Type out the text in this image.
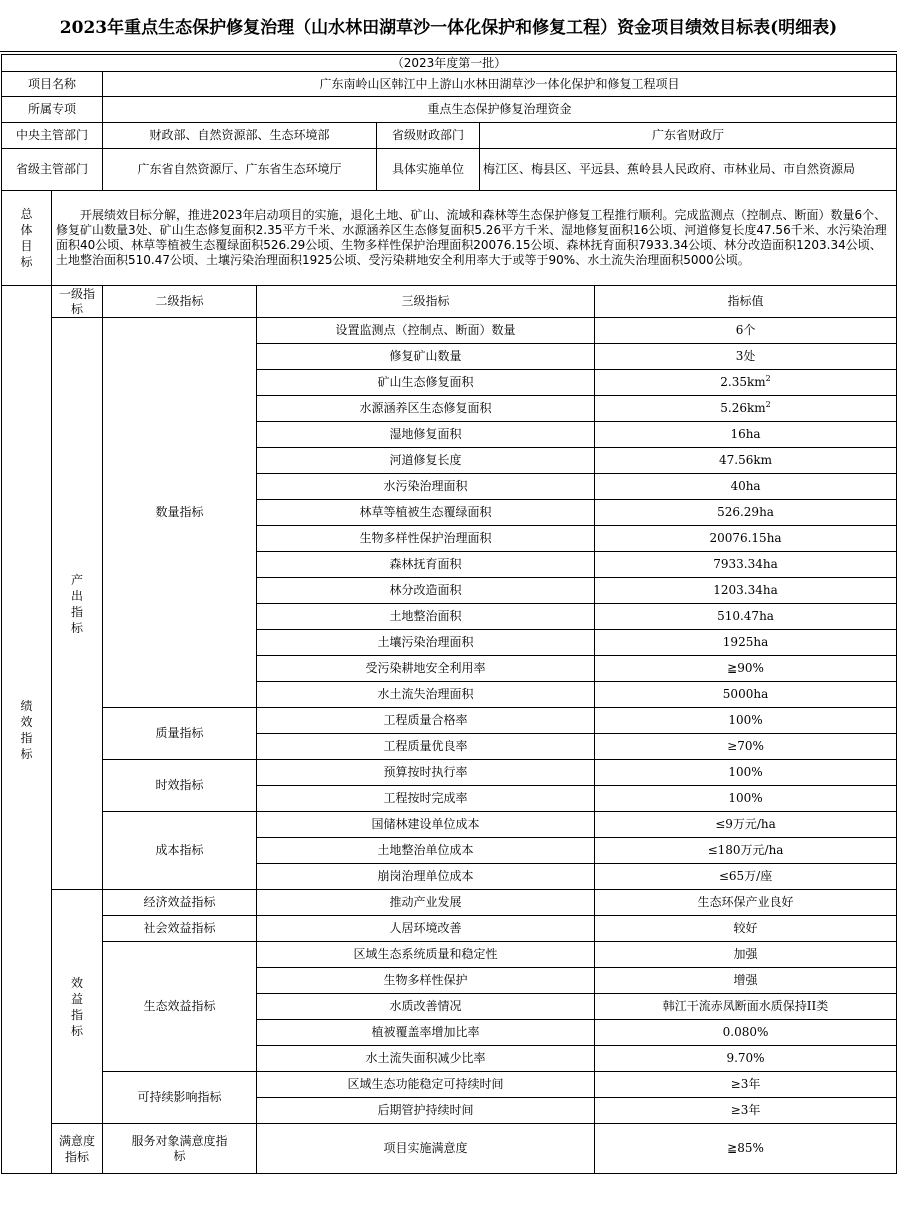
2023年重点生态保护修复治理（山水林田湖草沙一体化保护和修复工程）资金项目绩效目标表(明细表)
（2023年度第一批）						
项目名称		广东南岭山区韩江中上游山水林田湖草沙一体化保护和修复工程项目				
所属专项		重点生态保护修复治理资金				
中央主管部门		财政部、自然资源部、生态环境部		省级财政部门	广东省财政厅	
省级主管部门		广东省自然资源厅、广东省生态环境厅		具体实施单位	梅江区、梅县区、平远县、蕉岭县人民政府、市林业局、市自然资源局	
总体目标	开展绩效目标分解，推进2023年启动项目的实施，退化土地、矿山、流域和森林等生态保护修复工程推行顺利。完成监测点（控制点、断面）数量6个、修复矿山数量3处、矿山生态修复面积2.35平方千米、水源涵养区生态修复面积5.26平方千米、湿地修复面积16公顷、河道修复长度47.56千米、水污染治理面积40公顷、林草等植被生态覆绿面积526.29公顷、生物多样性保护治理面积20076.15公顷、森林抚育面积7933.34公顷、林分改造面积1203.34公顷、土地整治面积510.47公顷、土壤污染治理面积1925公顷、受污染耕地安全利用率大于或等于90%、水土流失治理面积5000公顷。					
绩效指标	一级指标	二级指标	三级指标			指标值
	产出指标	数量指标	设置监测点（控制点、断面）数量			6个
			修复矿山数量			3处
			矿山生态修复面积			$2.35km^2$
			水源涵养区生态修复面积			$5.26km^2$
			湿地修复面积			16ha
			河道修复长度			47.56km
			水污染治理面积			40ha
			林草等植被生态覆绿面积			526.29ha
			生物多样性保护治理面积			20076.15ha
			森林抚育面积			7933.34ha
			林分改造面积			1203.34ha
			土地整治面积			510.47ha
			土壤污染治理面积			1925ha
			受污染耕地安全利用率			≧90%
			水土流失治理面积			5000ha
		质量指标	工程质量合格率			100%
			工程质量优良率			≥70%
		时效指标	预算按时执行率			100%
			工程按时完成率			100%
		成本指标	国储林建设单位成本			≤9万元/ha
			土地整治单位成本			≤180万元/ha
			崩岗治理单位成本			≤65万/座
	效益指标	经济效益指标	推动产业发展			生态环保产业良好
		社会效益指标	人居环境改善			较好
		生态效益指标	区域生态系统质量和稳定性			加强
			生物多样性保护			增强
			水质改善情况			韩江干流赤凤断面水质保持II类
			植被覆盖率增加比率			0.080%
			水土流失面积减少比率			9.70%
		可持续影响指标	区域生态功能稳定可持续时间			≥3年
			后期管护持续时间			≥3年
	满意度指标	服务对象满意度指标	项目实施满意度			≧85%
